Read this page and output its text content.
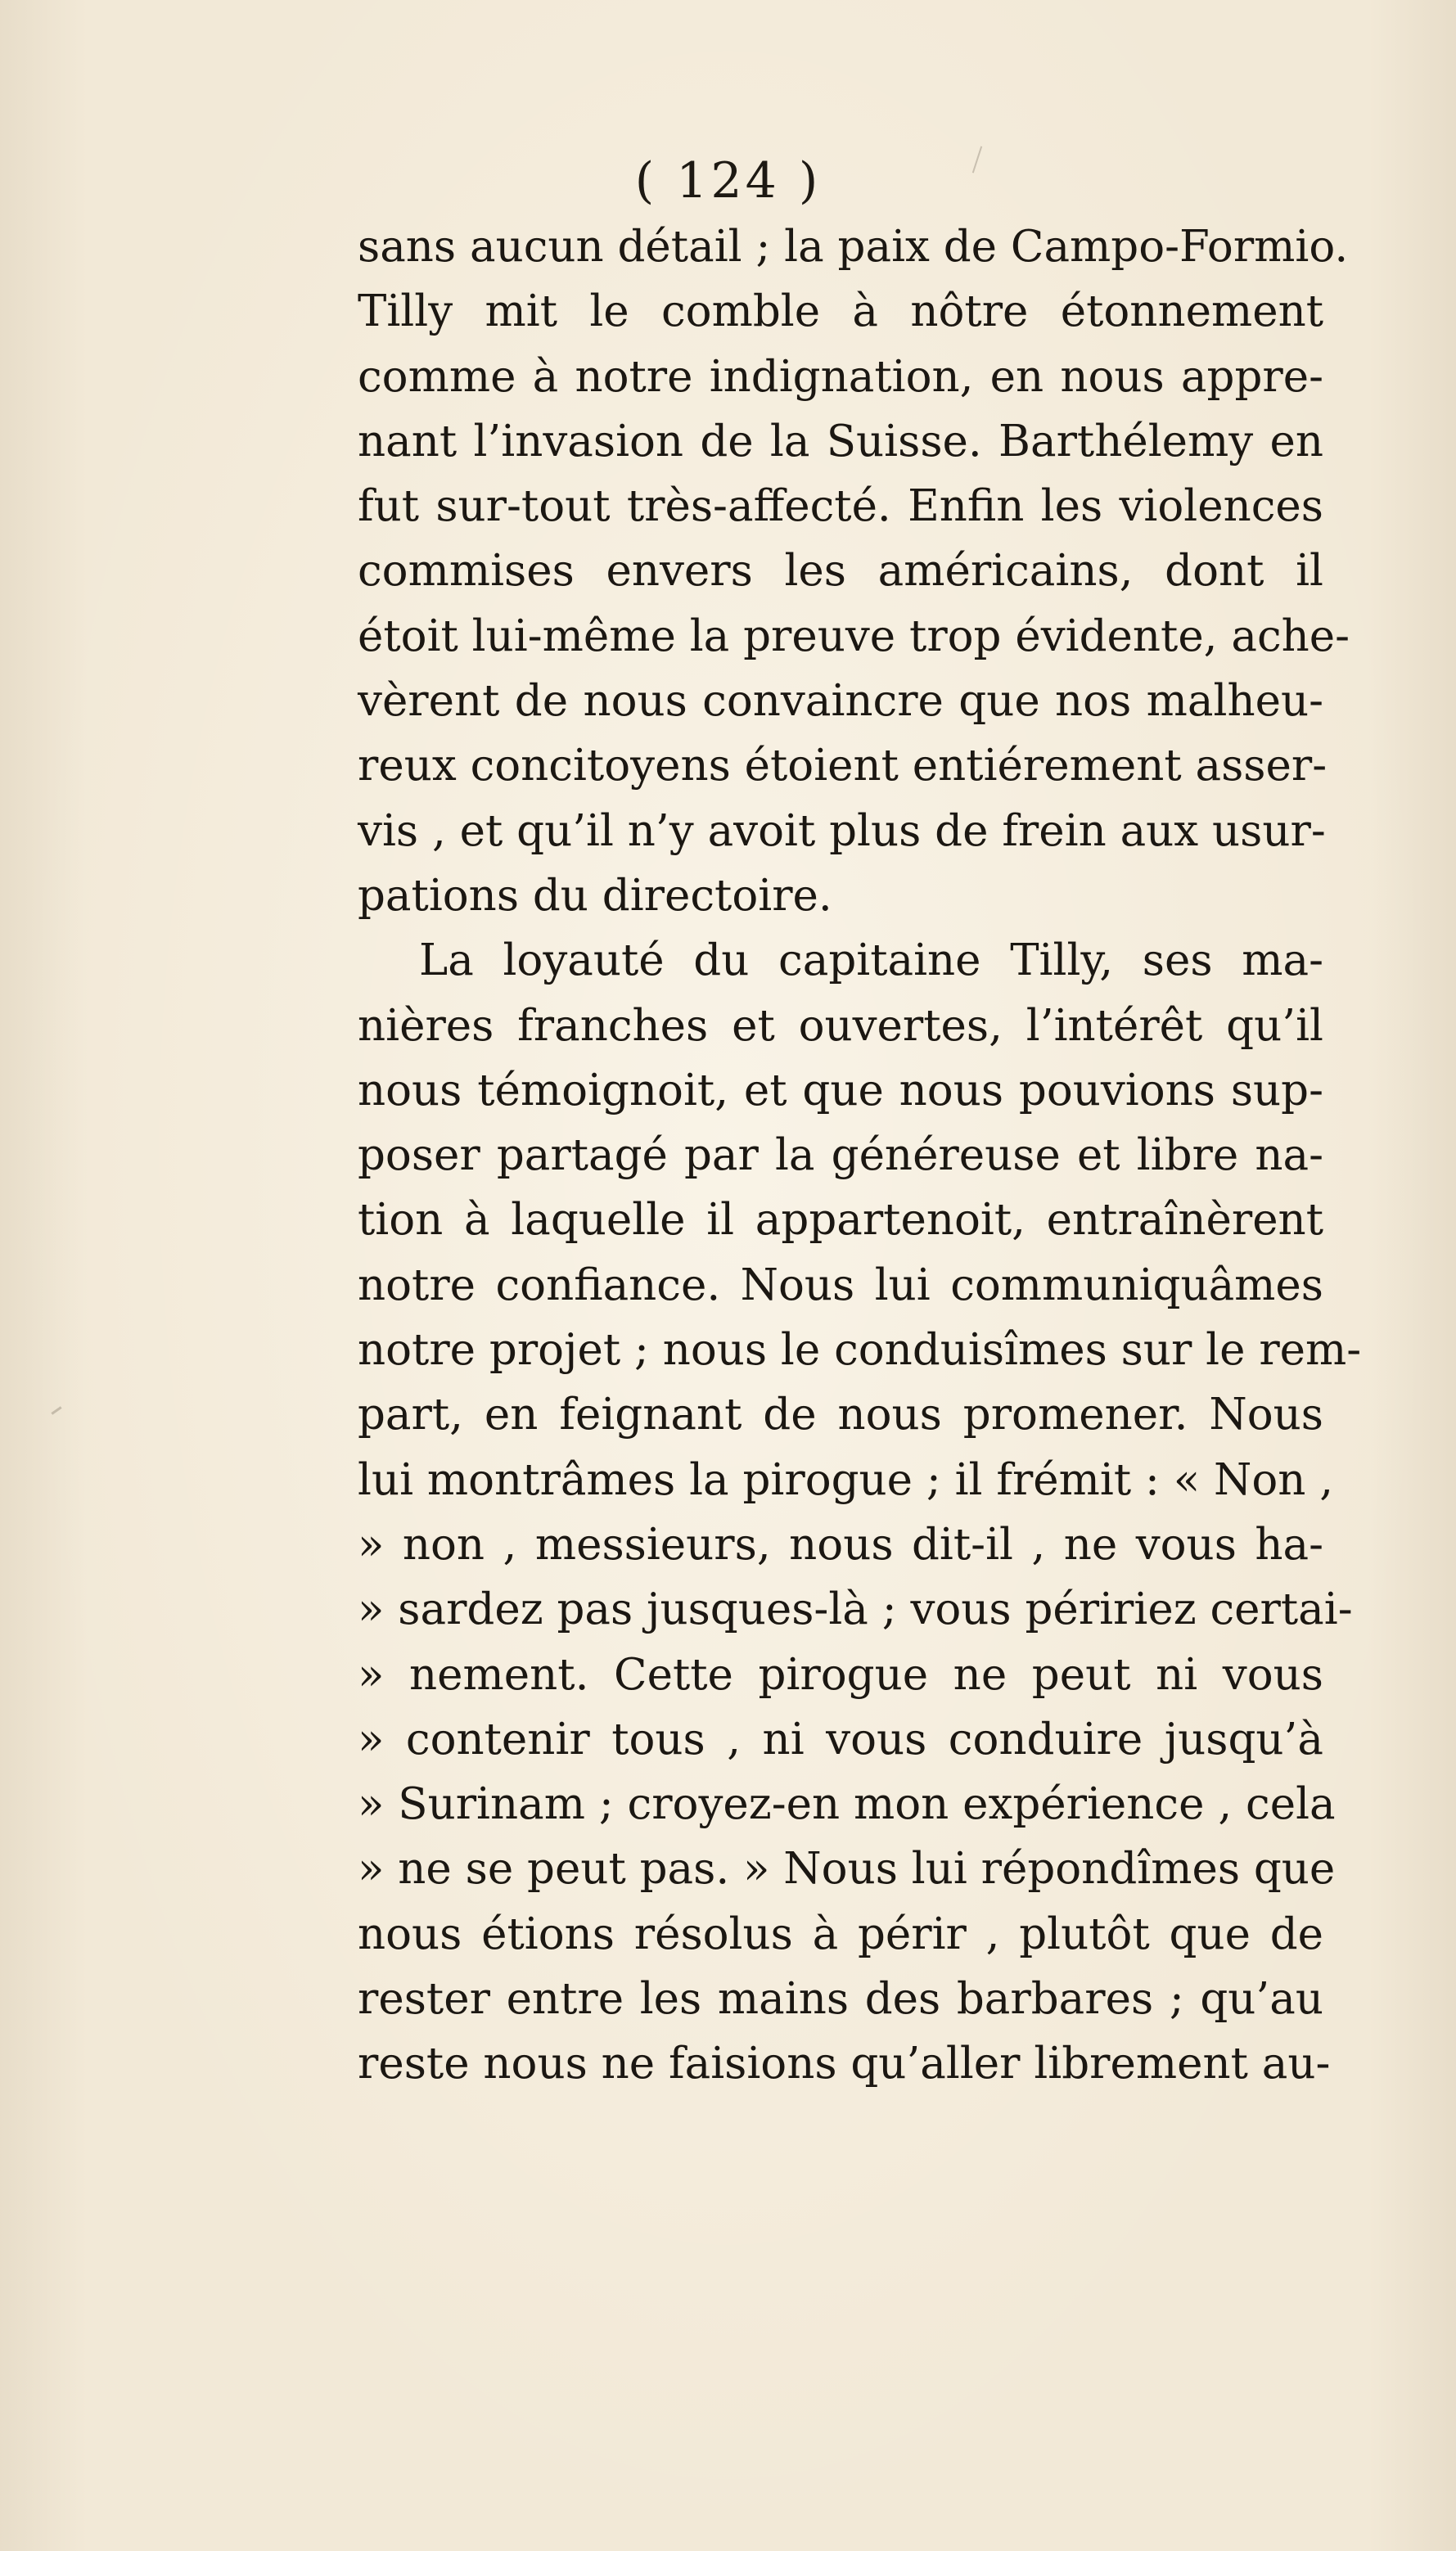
( 124 )
sans aucun détail ; la paix de Campo-Formio.
Tilly mit le comble à nôtre étonnement
comme à notre indignation, en nous appre-
nant l’invasion de la Suisse. Barthélemy en
fut sur-tout très-affecté. Enfin les violences
commises envers les américains, dont il
étoit lui-même la preuve trop évidente, ache-
vèrent de nous convaincre que nos malheu-
reux concitoyens étoient entiérement asser-
vis , et qu’il n’y avoit plus de frein aux usur-
pations du directoire.
La loyauté du capitaine Tilly, ses ma-
nières franches et ouvertes, l’intérêt qu’il
nous témoignoit, et que nous pouvions sup-
poser partagé par la généreuse et libre na-
tion à laquelle il appartenoit, entraînèrent
notre confiance. Nous lui communiquâmes
notre projet ; nous le conduisîmes sur le rem-
part, en feignant de nous promener. Nous
lui montrâmes la pirogue ; il frémit : « Non ,
» non , messieurs, nous dit-il , ne vous ha-
» sardez pas jusques-là ; vous péririez certai-
» nement. Cette pirogue ne peut ni vous
» contenir tous , ni vous conduire jusqu’à
» Surinam ; croyez-en mon expérience , cela
» ne se peut pas. » Nous lui répondîmes que
nous étions résolus à périr , plutôt que de
rester entre les mains des barbares ; qu’au
reste nous ne faisions qu’aller librement au-
